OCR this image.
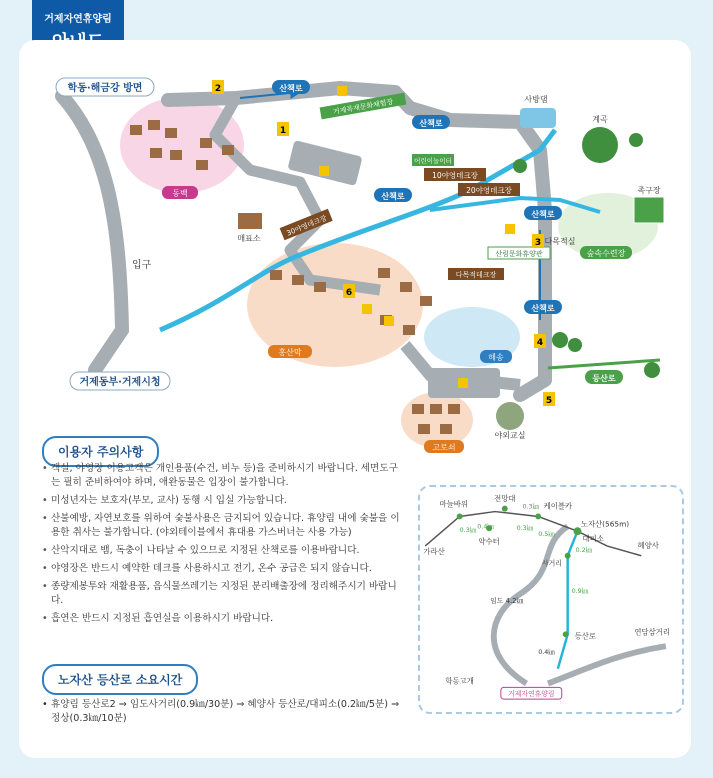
거제자연휴양림
학동·해금강 방면
거제동부·거제시청
입구
산책로
산책로
산책로
산책로
산책로
등산로
10야영데크장
20야영데크장
30야영데크장
매표소
산림문화휴양관
다목적실
다목적데크장
야외교실
족구장
사방댐
계곡
어린이놀이터
거제목재문화체험장
동백
홍산막
해송
고로쇠
숲속수련장
1
2
3
4
5
6
이용자 주의사항
• 객실, 야영장 이용고객은 개인용품(수건, 비누 등)을 준비하시기 바랍니다. 세면도구는 필히 준비하여야 하며, 애완동물은 입장이 불가합니다.
• 미성년자는 보호자(부모, 교사) 동행 시 입실 가능합니다.
• 산불예방, 자연보호를 위하여 숯불사용은 금지되어 있습니다. 휴양림 내에 숯불을 이용한 취사는 불가합니다. (야외테이블에서 휴대용 가스버너는 사용 가능)
• 산악지대로 뱀, 독충이 나타날 수 있으므로 지정된 산책로를 이용바랍니다.
• 야영장은 반드시 예약한 데크를 사용하시고 전기, 온수 공급은 되지 않습니다.
• 종량제봉투와 재활용품, 음식물쓰레기는 지정된 분리배출장에 정리해주시기 바랍니다.
• 흡연은 반드시 지정된 흡연실을 이용하시기 바랍니다.
노자산 등산로 소요시간
• 휴양림 등산로2 ⇒ 임도사거리(0.9㎞/30분) ⇒ 혜양사 등산로/대피소(0.2㎞/5분) ⇒ 정상(0.3㎞/10분)
마늘바위
전망대
케이블카
노자산(565m)
대피소
약수터
가라산
혜양사
사거리
임도 4.2㎞
등산로
학동고개
연담삼거리
거제자연휴양림
0.3㎞
0.4㎞	0.3㎞
0.3㎞	0.5㎞
0.2㎞
0.9㎞
0.4㎞
